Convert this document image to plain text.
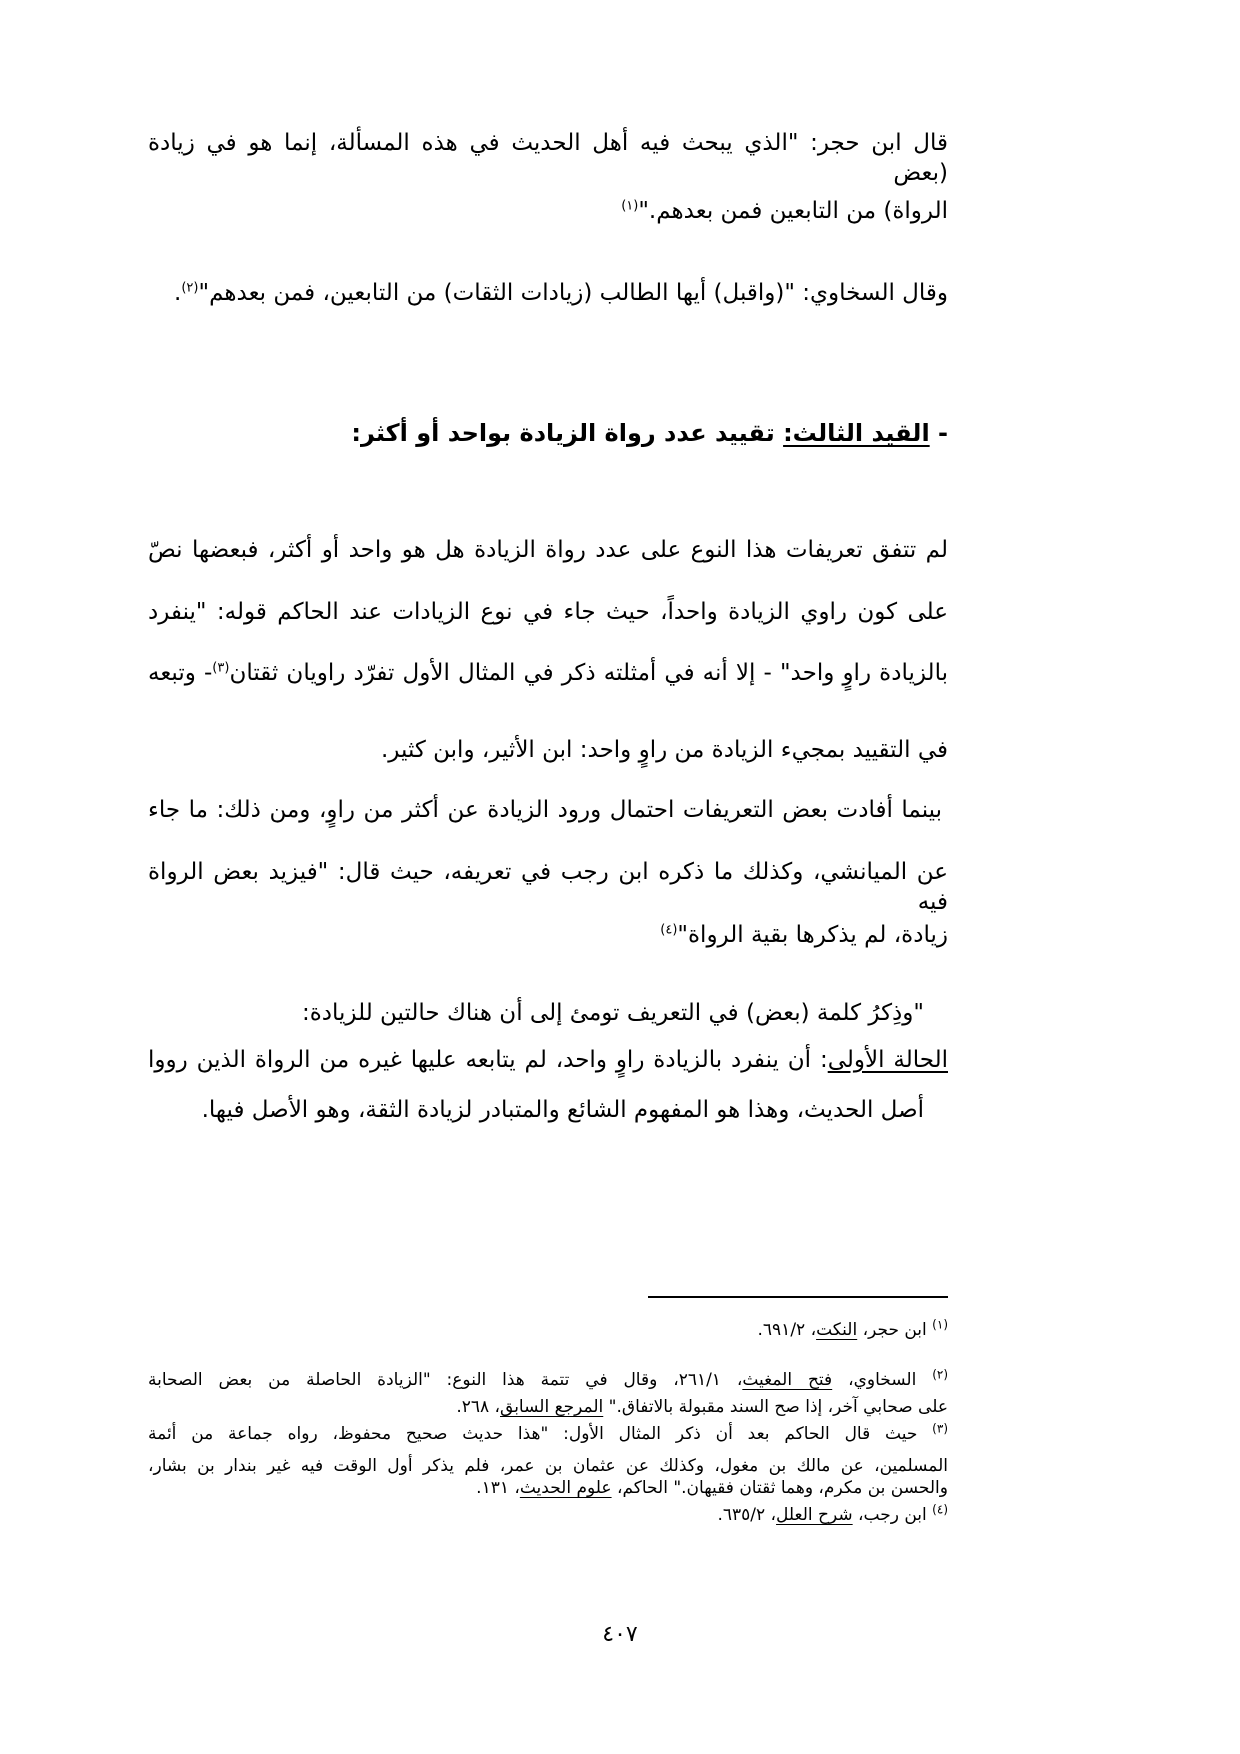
قال ابن حجر: "الذي يبحث فيه أهل الحديث في هذه المسألة، إنما هو في زيادة (بعض
الرواة) من التابعين فمن بعدهم."$^{(١)}$
وقال السخاوي: "(واقبل) أيها الطالب (زيادات الثقات) من التابعين، فمن بعدهم"$^{(٢)}$.
- القيد الثالث: تقييد عدد رواة الزيادة بواحد أو أكثر:
لم تتفق تعريفات هذا النوع على عدد رواة الزيادة هل هو واحد أو أكثر، فبعضها نصّ
على كون راوي الزيادة واحداً، حيث جاء في نوع الزيادات عند الحاكم قوله: "ينفرد
بالزيادة راوٍ واحد" - إلا أنه في أمثلته ذكر في المثال الأول تفرّد راويان ثقتان$^{(٣)}$- وتبعه
في التقييد بمجيء الزيادة من راوٍ واحد: ابن الأثير، وابن كثير.
بينما أفادت بعض التعريفات احتمال ورود الزيادة عن أكثر من راوٍ، ومن ذلك: ما جاء
عن الميانشي، وكذلك ما ذكره ابن رجب في تعريفه، حيث قال: "فيزيد بعض الرواة فيه
زيادة، لم يذكرها بقية الرواة"$^{(٤)}$
"وذِكرُ كلمة (بعض) في التعريف تومئ إلى أن هناك حالتين للزيادة:
الحالة الأولى: أن ينفرد بالزيادة راوٍ واحد، لم يتابعه عليها غيره من الرواة الذين رووا
أصل الحديث، وهذا هو المفهوم الشائع والمتبادر لزيادة الثقة، وهو الأصل فيها.
$^{(١)}$ ابن حجر، النكت، ٦٩١/٢.
$^{(٢)}$ السخاوي، فتح المغيث، ٢٦١/١، وقال في تتمة هذا النوع: "الزيادة الحاصلة من بعض الصحابة
على صحابي آخر، إذا صح السند مقبولة بالاتفاق." المرجع السابق، ٢٦٨.
$^{(٣)}$ حيث قال الحاكم بعد أن ذكر المثال الأول: "هذا حديث صحيح محفوظ، رواه جماعة من أئمة
المسلمين، عن مالك بن مغول، وكذلك عن عثمان بن عمر، فلم يذكر أول الوقت فيه غير بندار بن بشار،
والحسن بن مكرم، وهما ثقتان فقيهان." الحاكم، علوم الحديث، ١٣١.
$^{(٤)}$ ابن رجب، شرح العلل، ٦٣٥/٢.
٤٠٧
